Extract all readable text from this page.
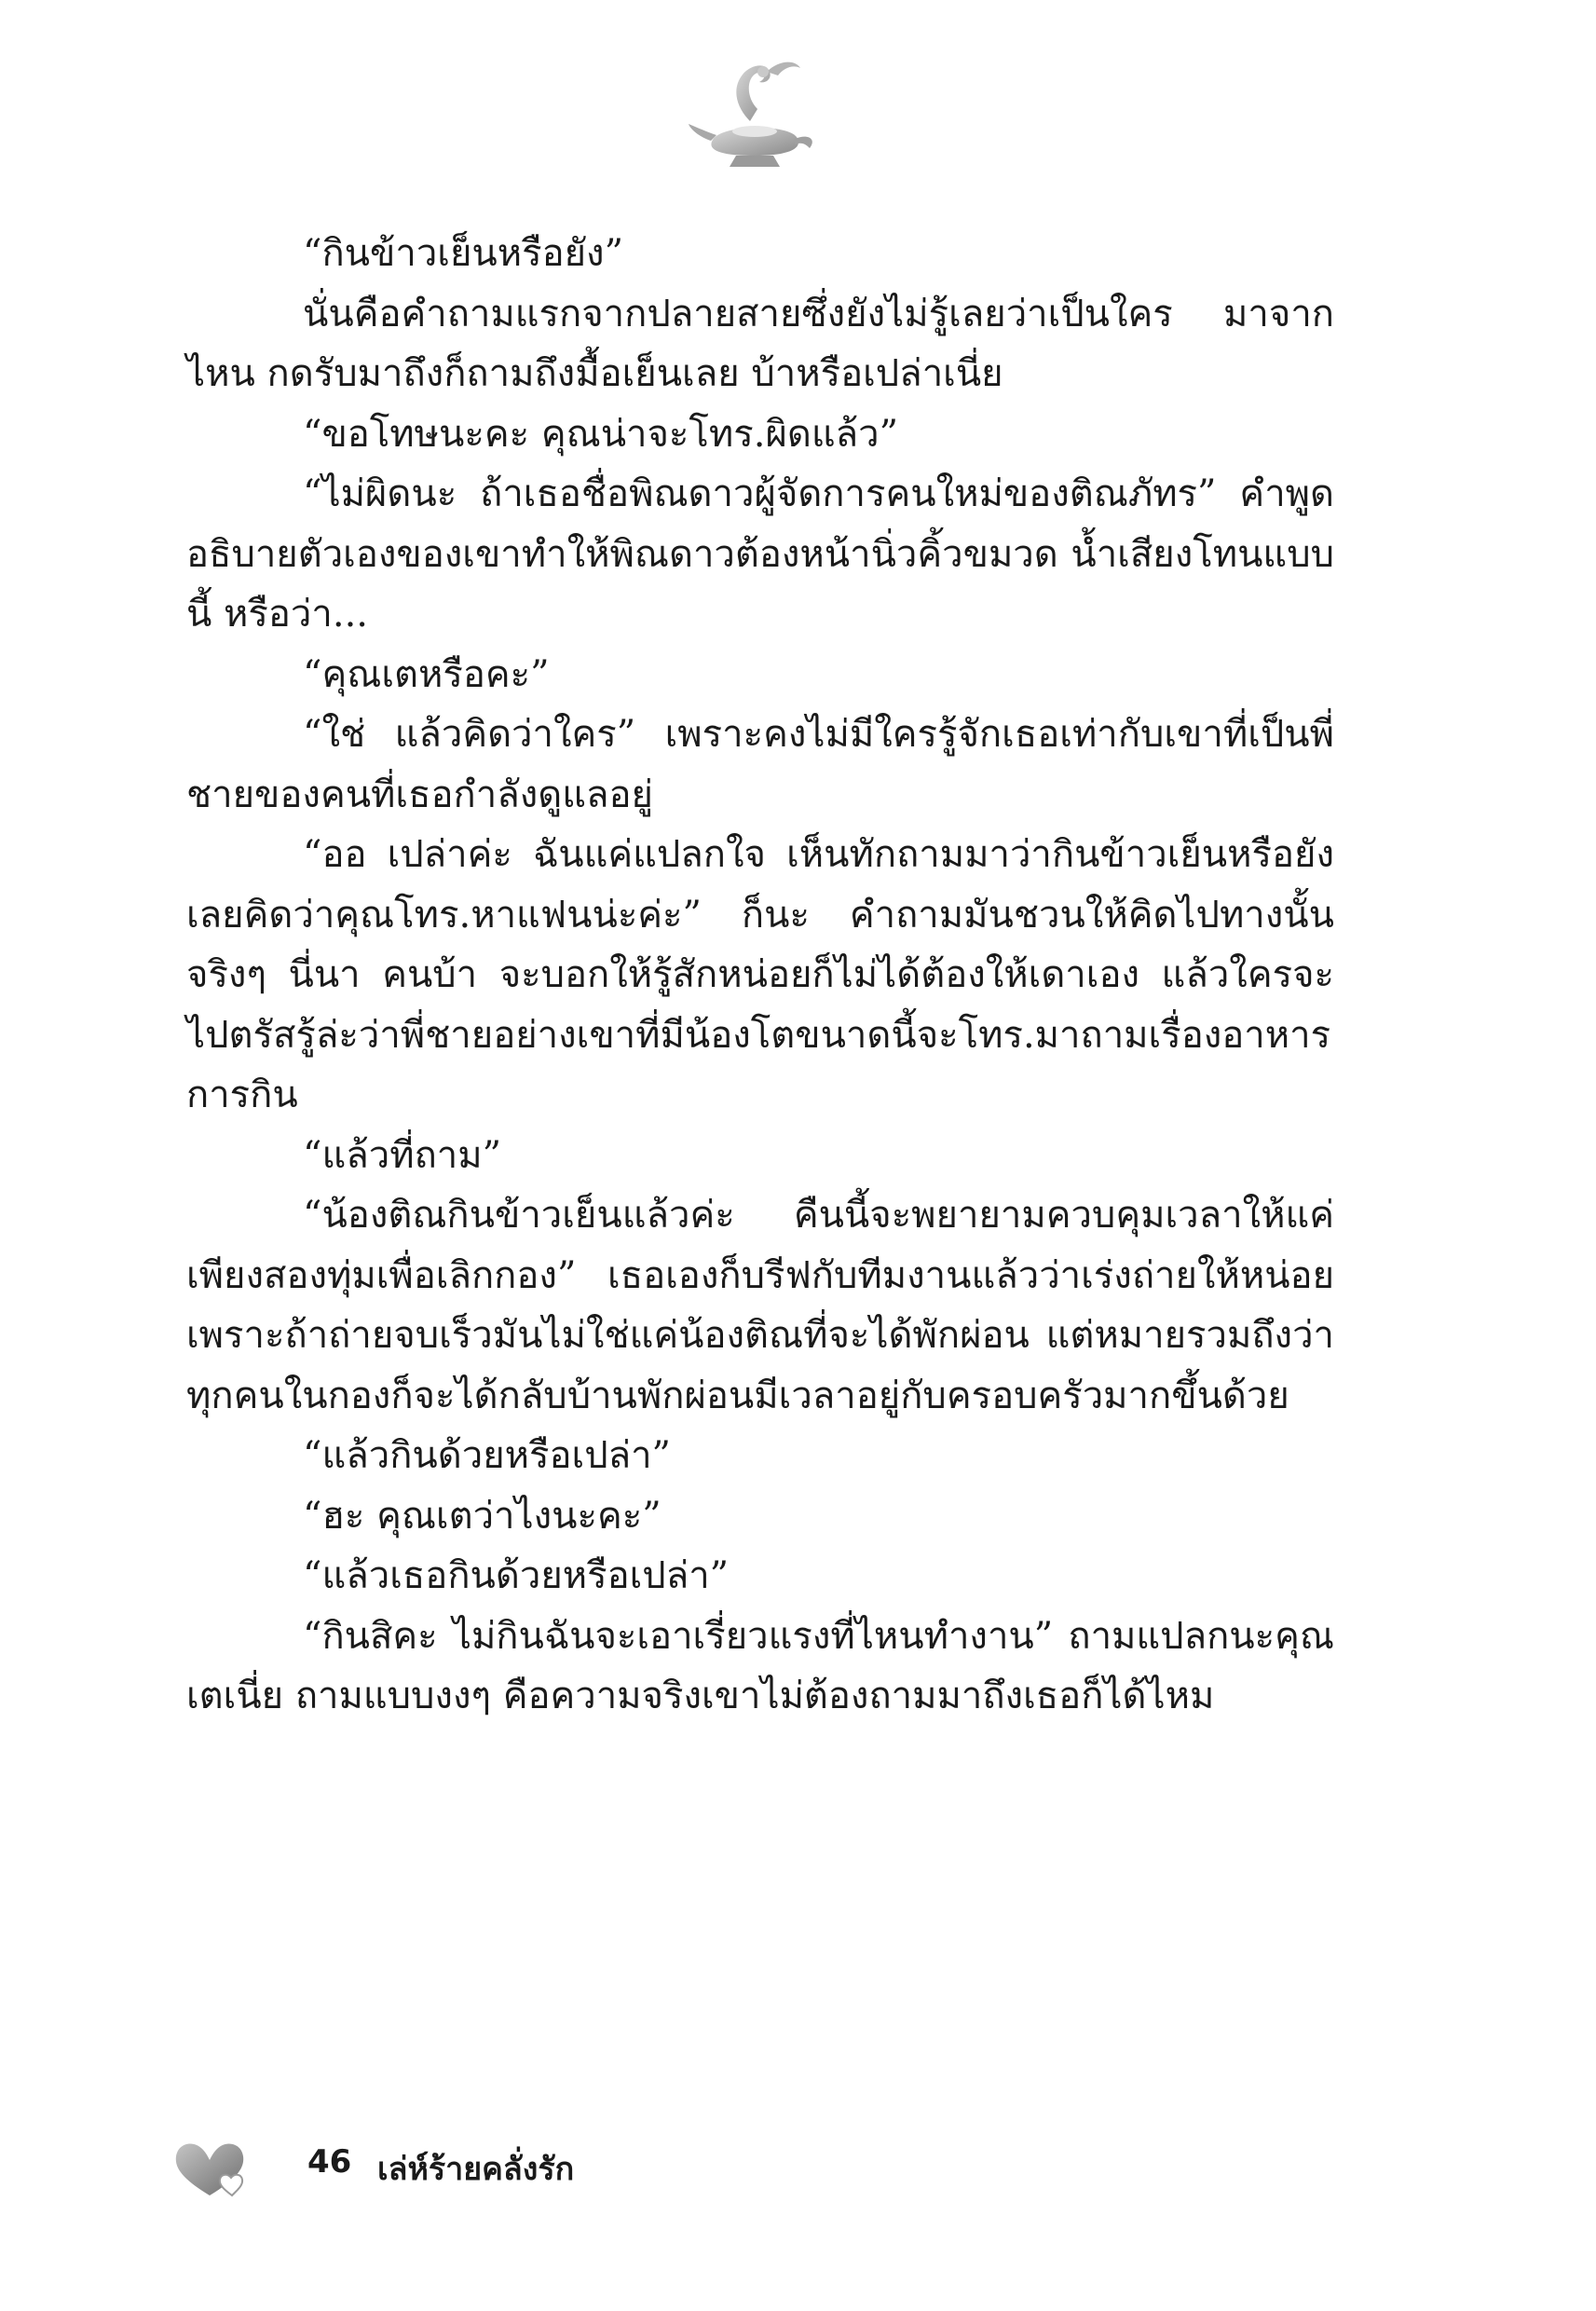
“กินข้าวเย็นหรือยัง”

นั่นคือคำถามแรกจากปลายสายซึ่งยังไม่รู้เลยว่าเป็นใคร มาจากไหน กดรับมาถึงก็ถามถึงมื้อเย็นเลย บ้าหรือเปล่าเนี่ย

“ขอโทษนะคะ คุณน่าจะโทร.ผิดแล้ว”

“ไม่ผิดนะ ถ้าเธอชื่อพิณดาวผู้จัดการคนใหม่ของติณภัทร” คำพูดอธิบายตัวเองของเขาทำให้พิณดาวต้องหน้านิ่วคิ้วขมวด น้ำเสียงโทนแบบนี้ หรือว่า...

“คุณเตหรือคะ”

“ใช่ แล้วคิดว่าใคร” เพราะคงไม่มีใครรู้จักเธอเท่ากับเขาที่เป็นพี่ชายของคนที่เธอกำลังดูแลอยู่

“ออ เปล่าค่ะ ฉันแค่แปลกใจ เห็นทักถามมาว่ากินข้าวเย็นหรือยัง เลยคิดว่าคุณโทร.หาแฟนน่ะค่ะ” ก็นะ คำถามมันชวนให้คิดไปทางนั้นจริงๆ นี่นา คนบ้า จะบอกให้รู้สักหน่อยก็ไม่ได้ต้องให้เดาเอง แล้วใครจะไปตรัสรู้ล่ะว่าพี่ชายอย่างเขาที่มีน้องโตขนาดนี้จะโทร.มาถามเรื่องอาหารการกิน

“แล้วที่ถาม”

“น้องติณกินข้าวเย็นแล้วค่ะ คืนนี้จะพยายามควบคุมเวลาให้แค่เพียงสองทุ่มเพื่อเลิกกอง” เธอเองก็บรีฟกับทีมงานแล้วว่าเร่งถ่ายให้หน่อย เพราะถ้าถ่ายจบเร็วมันไม่ใช่แค่น้องติณที่จะได้พักผ่อน แต่หมายรวมถึงว่าทุกคนในกองก็จะได้กลับบ้านพักผ่อนมีเวลาอยู่กับครอบครัวมากขึ้นด้วย

“แล้วกินด้วยหรือเปล่า”

“ฮะ คุณเตว่าไงนะคะ”

“แล้วเธอกินด้วยหรือเปล่า”

“กินสิคะ ไม่กินฉันจะเอาเรี่ยวแรงที่ไหนทำงาน” ถามแปลกนะคุณเตเนี่ย ถามแบบงงๆ คือความจริงเขาไม่ต้องถามมาถึงเธอก็ได้ไหม

46 เล่ห์ร้ายคลั่งรัก
